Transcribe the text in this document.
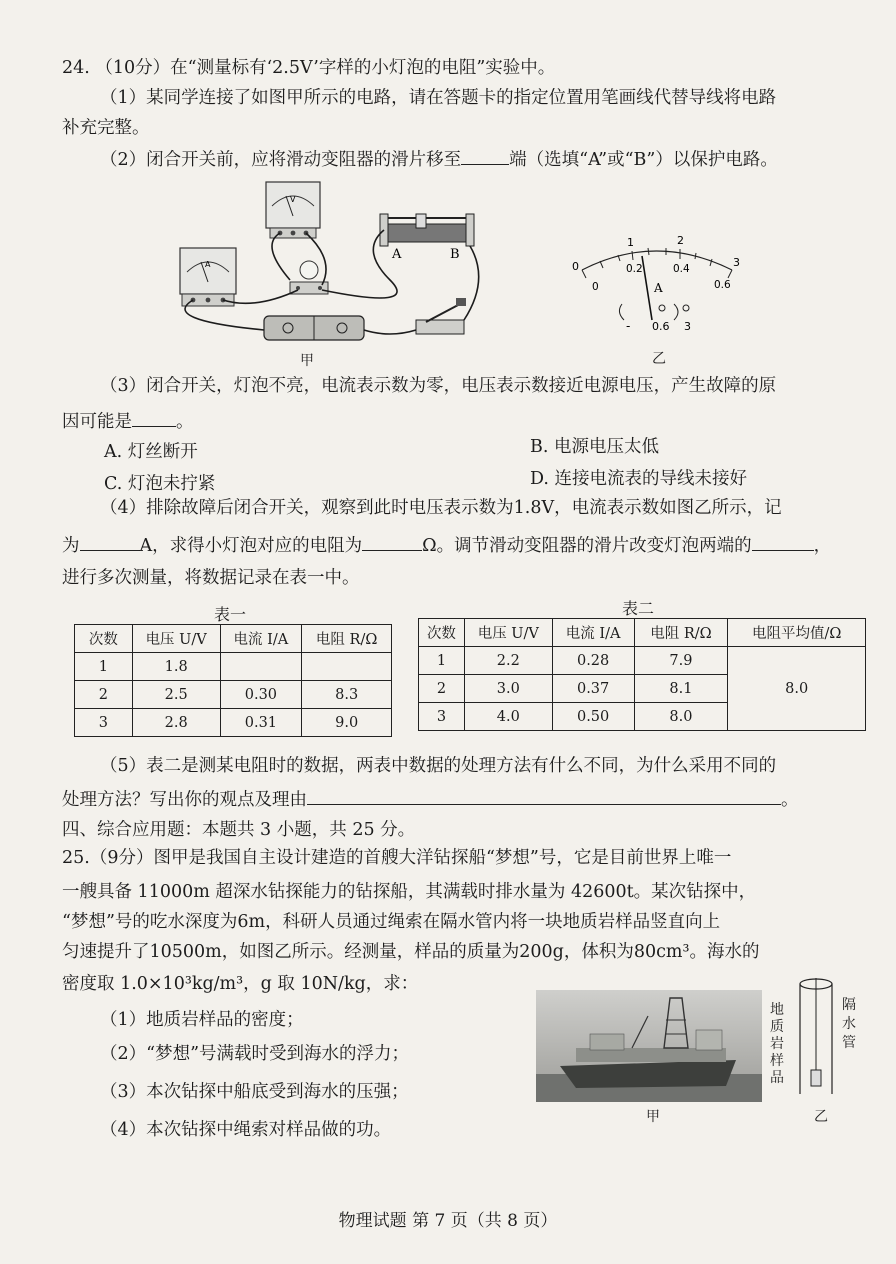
24. （10分）在“测量标有‘2.5V’字样的小灯泡的电阻”实验中。
（1）某同学连接了如图甲所示的电路，请在答题卡的指定位置用笔画线代替导线将电路
补充完整。
（2）闭合开关前，应将滑动变阻器的滑片移至	端（选填“A”或“B”）以保护电路。
V
A
A	B
甲
0
1	2
3
0
0.2	0.4
0.6
A
- 0.6 3
乙
（3）闭合开关，灯泡不亮，电流表示数为零，电压表示数接近电源电压，产生故障的原
因可能是	。
A. 灯丝断开	B. 电源电压太低
C. 灯泡未拧紧	D. 连接电流表的导线未接好
（4）排除故障后闭合开关，观察到此时电压表示数为1.8V，电流表示数如图乙所示，记
为	A，求得小灯泡对应的电阻为	Ω。调节滑动变阻器的滑片改变灯泡两端的	，
进行多次测量，将数据记录在表一中。
表一
次数	电压 U/V	电流 I/A	电阻 R/Ω
1	1.8		
2	2.5	0.30	8.3
3	2.8	0.31	9.0
表二
次数	电压 U/V	电流 I/A	电阻 R/Ω	电阻平均值/Ω
1	2.2	0.28	7.9	8.0
2	3.0	0.37	8.1	
3	4.0	0.50	8.0	
（5）表二是测某电阻时的数据，两表中数据的处理方法有什么不同，为什么采用不同的
处理方法？写出你的观点及理由	。
四、综合应用题：本题共 3 小题，共 25 分。
25.（9分）图甲是我国自主设计建造的首艘大洋钻探船“梦想”号，它是目前世界上唯一
一艘具备 11000m 超深水钻探能力的钻探船，其满载时排水量为 42600t。某次钻探中，
“梦想”号的吃水深度为6m，科研人员通过绳索在隔水管内将一块地质岩样品竖直向上
匀速提升了10500m，如图乙所示。经测量，样品的质量为200g，体积为80cm³。海水的
密度取 1.0×10³kg/m³，g 取 10N/kg，求：
（1）地质岩样品的密度；
（2）“梦想”号满载时受到海水的浮力；
（3）本次钻探中船底受到海水的压强；
（4）本次钻探中绳索对样品做的功。
甲
地质岩样品
隔水管
乙
物理试题 第 7 页（共 8 页）
